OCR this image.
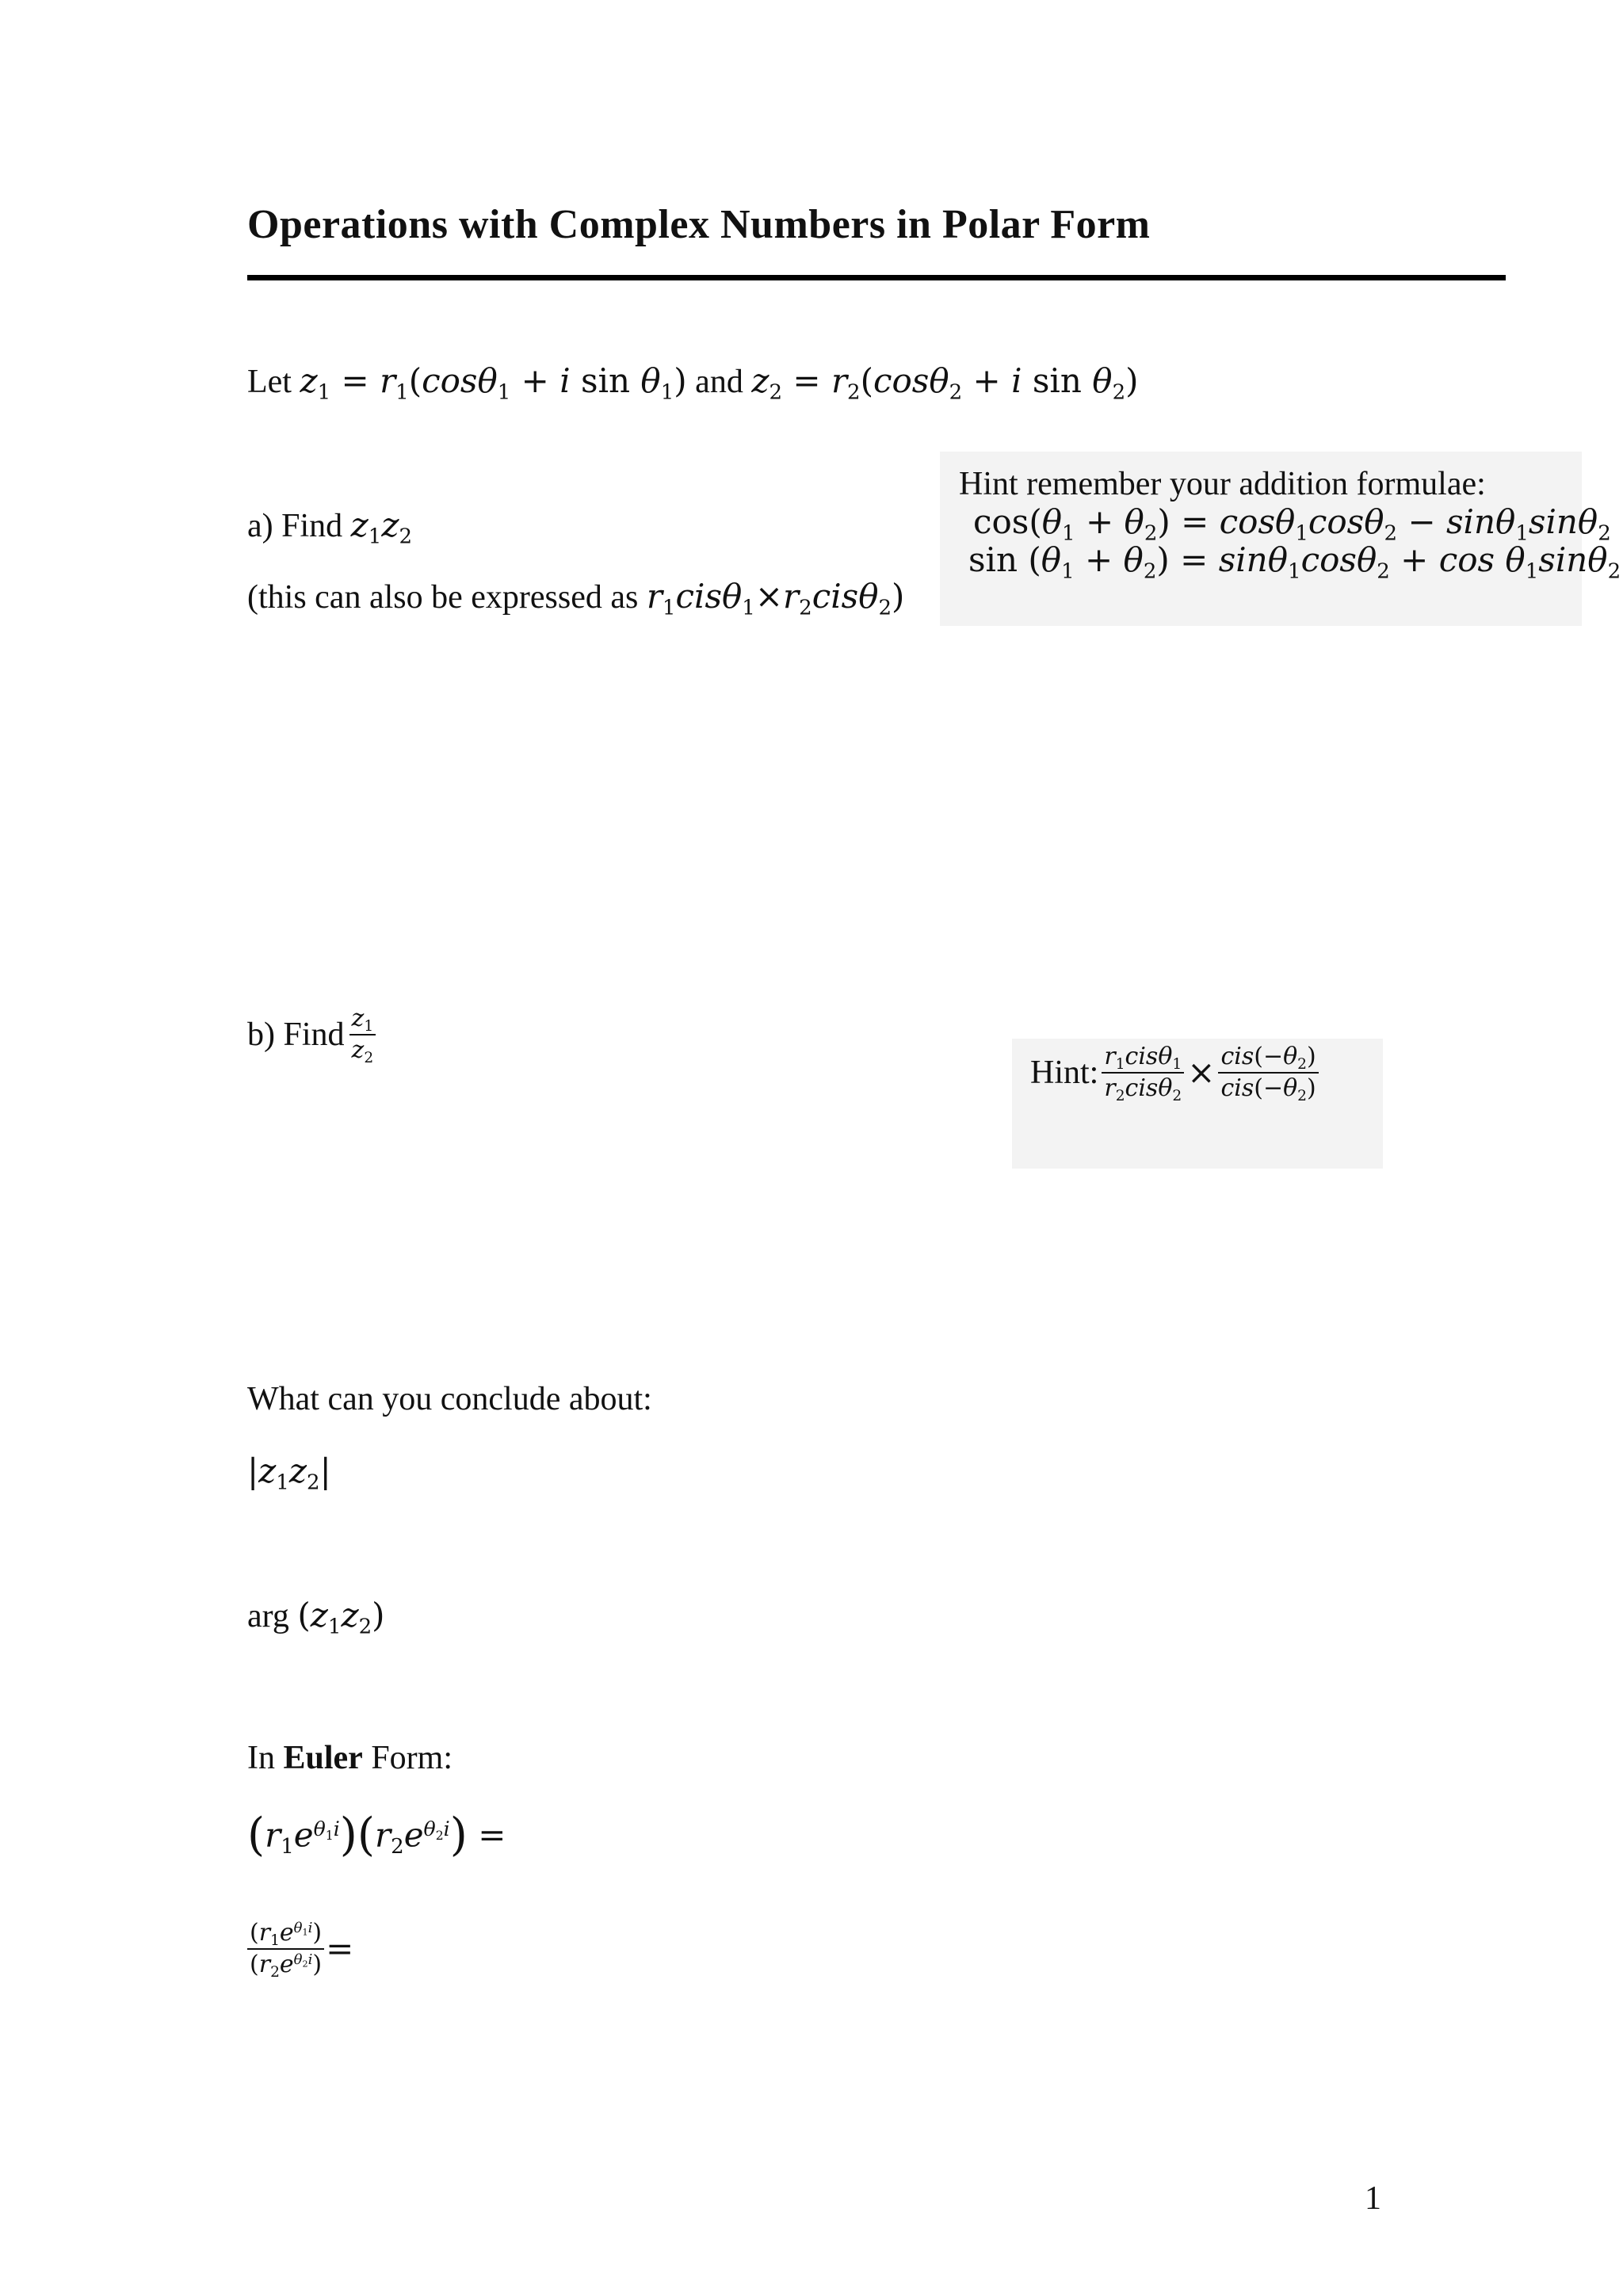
Operations with Complex Numbers in Polar Form
Let $z_1 = r_1(\cos\theta_1 + i$ $\sin \theta_1$) and $z_2 = r_2(\cos\theta_2 + i$ $\sin \theta_2$)
a) Find $z_1z_2$
(this can also be expressed as $r_1cis\theta_1\times r_2cis\theta_2$)
Hint remember your addition formulae:
$\cos(\theta_1 + \theta_2) = \cos\theta_1\cos\theta_2 - \sin\theta_1\sin\theta_2$
$\sin (\theta_1 + \theta_2) = \sin\theta_1\cos\theta_2 + \cos \theta_1\sin\theta_2$
b) Find $\frac{z_1}{z_2}$
Hint: $\frac{r_1cis\theta_1}{r_2cis\theta_2} \times \frac{cis(-\theta_2)}{cis(-\theta_2)}$
What can you conclude about:
$|z_1z_2|$
arg $(z_1z_2)$
In Euler Form:
$(r_1e^{\theta_1i})(r_2e^{\theta_2i})$ =
$\frac{(r_1e^{\theta_1i})}{(r_2e^{\theta_2i})}$ =
1
